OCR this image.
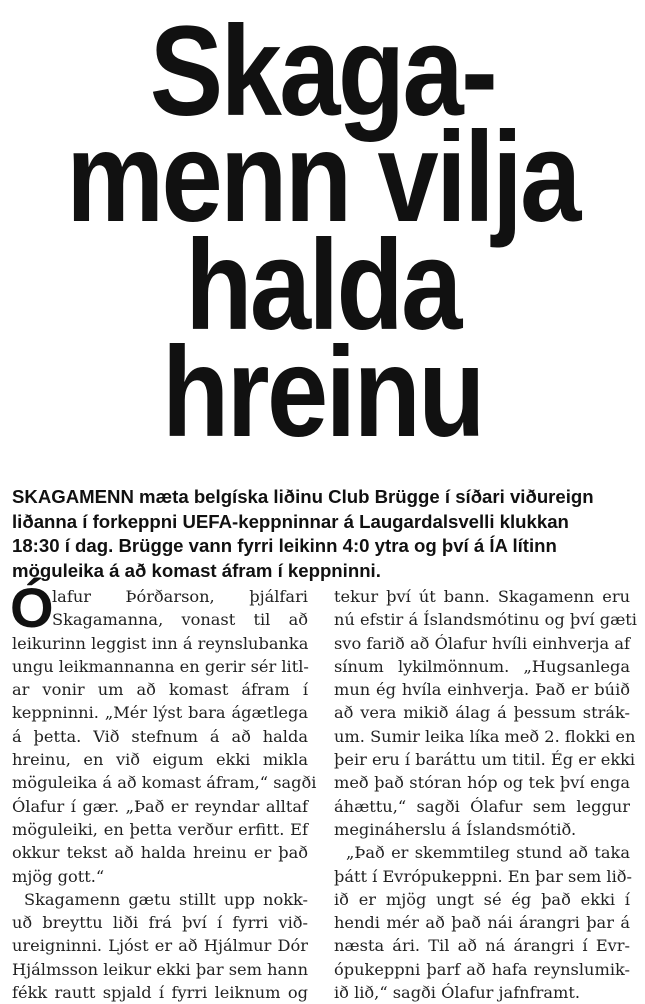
Skaga-
menn vilja
halda
hreinu
SKAGAMENN mæta belgíska liðinu Club Brügge í síðari viðureign
liðanna í forkeppni UEFA-keppninnar á Laugardalsvelli klukkan
18:30 í dag. Brügge vann fyrri leikinn 4:0 ytra og því á ÍA lítinn
möguleika á að komast áfram í keppninni.
Ó
lafur Þórðarson, þjálfari
Skagamanna, vonast til að
leikurinn leggist inn á reynslubanka
ungu leikmannanna en gerir sér litl-
ar vonir um að komast áfram í
keppninni. „Mér lýst bara ágætlega
á þetta. Við stefnum á að halda
hreinu, en við eigum ekki mikla
möguleika á að komast áfram,“ sagði
Ólafur í gær. „Það er reyndar alltaf
möguleiki, en þetta verður erfitt. Ef
okkur tekst að halda hreinu er það
mjög gott.“
Skagamenn gætu stillt upp nokk-
uð breyttu liði frá því í fyrri við-
ureigninni. Ljóst er að Hjálmur Dór
Hjálmsson leikur ekki þar sem hann
fékk rautt spjald í fyrri leiknum og
tekur því út bann. Skagamenn eru
nú efstir á Íslandsmótinu og því gæti
svo farið að Ólafur hvíli einhverja af
sínum lykilmönnum. „Hugsanlega
mun ég hvíla einhverja. Það er búið
að vera mikið álag á þessum strák-
um. Sumir leika líka með 2. flokki en
þeir eru í baráttu um titil. Ég er ekki
með það stóran hóp og tek því enga
áhættu,“ sagði Ólafur sem leggur
megináherslu á Íslandsmótið.
„Það er skemmtileg stund að taka
þátt í Evrópukeppni. En þar sem lið-
ið er mjög ungt sé ég það ekki í
hendi mér að það nái árangri þar á
næsta ári. Til að ná árangri í Evr-
ópukeppni þarf að hafa reynslumik-
ið lið,“ sagði Ólafur jafnframt.
